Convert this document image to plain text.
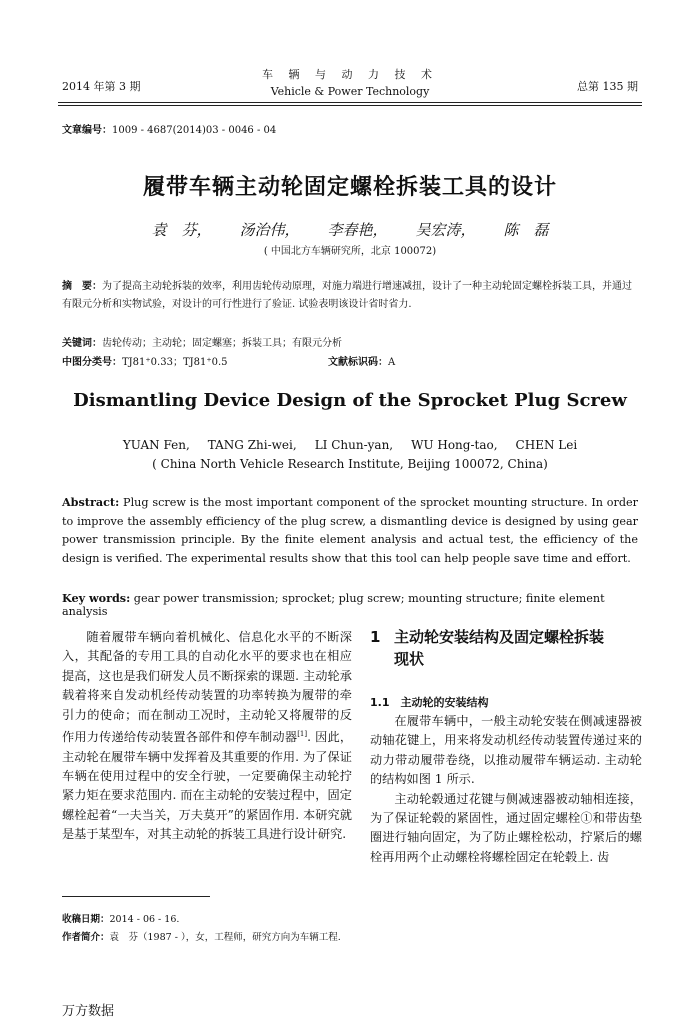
2014 年第 3 期
车 辆 与 动 力 技 术
Vehicle & Power Technology	总第 135 期
文章编号：1009 - 4687(2014)03 - 0046 - 04
履带车辆主动轮固定螺栓拆装工具的设计
袁　芬， 汤治伟， 李春艳， 吴宏涛， 陈　磊
( 中国北方车辆研究所，北京 100072)
摘　要：为了提高主动轮拆装的效率，利用齿轮传动原理，对施力端进行增速减扭，设计了一种主动轮固定螺栓拆装工具，并通过有限元分析和实物试验，对设计的可行性进行了验证. 试验表明该设计省时省力.
关键词：齿轮传动；主动轮；固定螺塞；拆装工具；有限元分析
中图分类号：TJ81⁺0.33；TJ81⁺0.5	文献标识码：A
Dismantling Device Design of the Sprocket Plug Screw
YUAN Fen, TANG Zhi-wei, LI Chun-yan, WU Hong-tao, CHEN Lei
( China North Vehicle Research Institute, Beijing 100072, China)
Abstract: Plug screw is the most important component of the sprocket mounting structure. In order to improve the assembly efficiency of the plug screw, a dismantling device is designed by using gear power transmission principle. By the finite element analysis and actual test, the efficiency of the design is verified. The experimental results show that this tool can help people save time and effort.
Key words: gear power transmission; sprocket; plug screw; mounting structure; finite element analysis
随着履带车辆向着机械化、信息化水平的不断深入，其配备的专用工具的自动化水平的要求也在相应提高，这也是我们研发人员不断探索的课题. 主动轮承载着将来自发动机经传动装置的功率转换为履带的牵引力的使命；而在制动工况时，主动轮又将履带的反作用力传递给传动装置各部件和停车制动器[1]. 因此，主动轮在履带车辆中发挥着及其重要的作用. 为了保证车辆在使用过程中的安全行驶，一定要确保主动轮拧紧力矩在要求范围内. 而在主动轮的安装过程中，固定螺栓起着“一夫当关，万夫莫开”的紧固作用. 本研究就是基于某型车，对其主动轮的拆装工具进行设计研究.
1 主动轮安装结构及固定螺栓拆装
现状
1.1　主动轮的安装结构

在履带车辆中，一般主动轮安装在侧减速器被动轴花键上，用来将发动机经传动装置传递过来的动力带动履带卷绕，以推动履带车辆运动. 主动轮的结构如图 1 所示.

主动轮毂通过花键与侧减速器被动轴相连接，为了保证轮毂的紧固性，通过固定螺栓①和带齿垫圈进行轴向固定，为了防止螺栓松动，拧紧后的螺栓再用两个止动螺栓将螺栓固定在轮毂上. 齿

收稿日期：2014 - 06 - 16.
作者简介：袁　芬（1987 - ），女，工程师，研究方向为车辆工程.
万方数据
